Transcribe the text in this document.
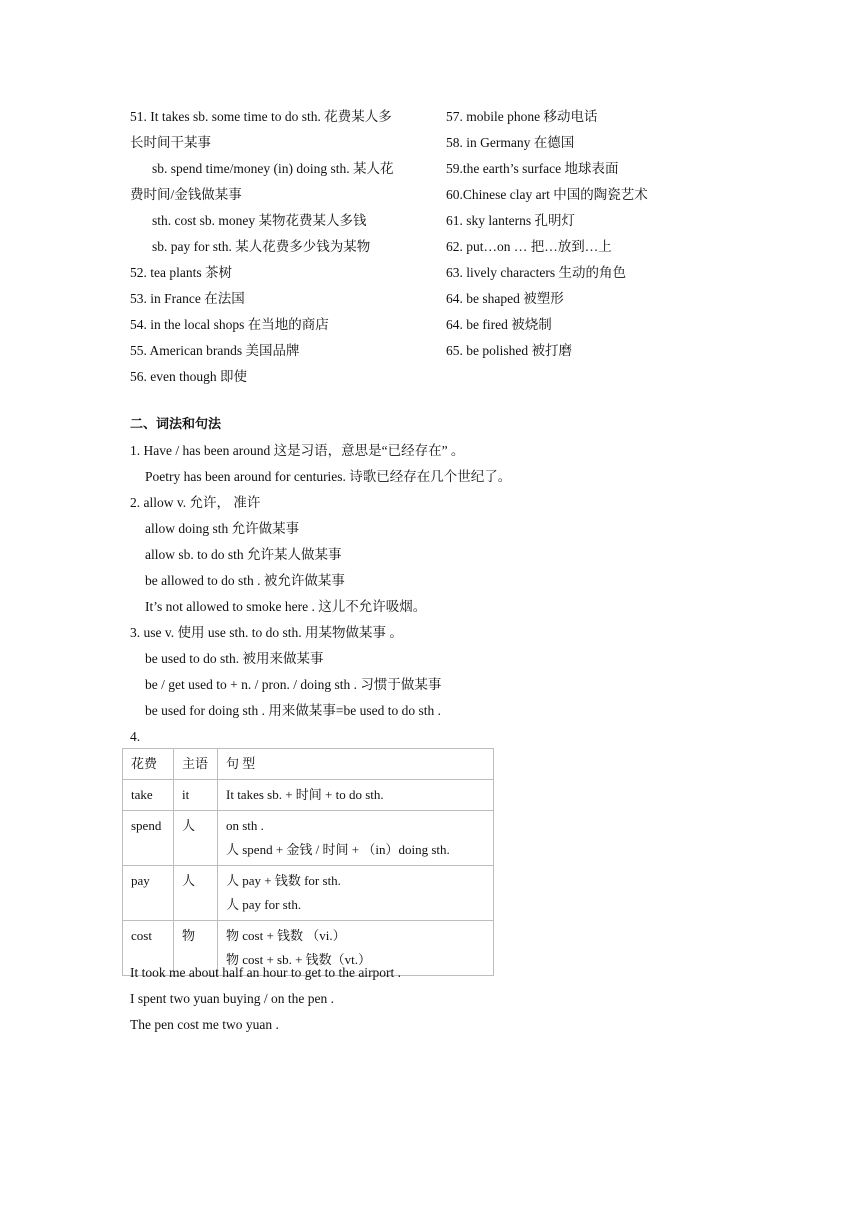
51. It takes sb. some time to do sth. 花费某人多
长时间干某事
sb. spend time/money (in) doing sth. 某人花
费时间/金钱做某事
sth. cost sb. money 某物花费某人多钱
sb. pay for sth. 某人花费多少钱为某物
52. tea plants 茶树
53. in France 在法国
54. in the local shops 在当地的商店
55. American brands 美国品牌
56. even though 即使
57. mobile phone 移动电话
58. in Germany 在德国
59.the earth’s surface 地球表面
60.Chinese clay art 中国的陶瓷艺术
61. sky lanterns 孔明灯
62. put…on … 把…放到…上
63. lively characters 生动的角色
64. be shaped 被塑形
64. be fired 被烧制
65. be polished 被打磨
二、词法和句法
1. Have / has been around 这是习语，意思是“已经存在” 。
Poetry has been around for centuries. 诗歌已经存在几个世纪了。
2. allow v. 允许， 准许
allow doing sth 允许做某事
allow sb. to do sth 允许某人做某事
be allowed to do sth . 被允许做某事
It’s not allowed to smoke here . 这儿不允许吸烟。
3. use v. 使用 use sth. to do sth. 用某物做某事 。
be used to do sth. 被用来做某事
be / get used to + n. / pron. / doing sth . 习惯于做某事
be used for doing sth . 用来做某事=be used to do sth .
4.
花费	主语	句 型
take	it	It takes sb. + 时间 + to do sth.

spend	人	on sth .
人 spend + 金钱 / 时间 + （in）doing sth.

pay	人	人 pay + 钱数 for sth.
人 pay for sth.

cost	物	物 cost + 钱数 （vi.）
物 cost + sb. + 钱数（vt.）
It took me about half an hour to get to the airport .
I spent two yuan buying / on the pen .
The pen cost me two yuan .
